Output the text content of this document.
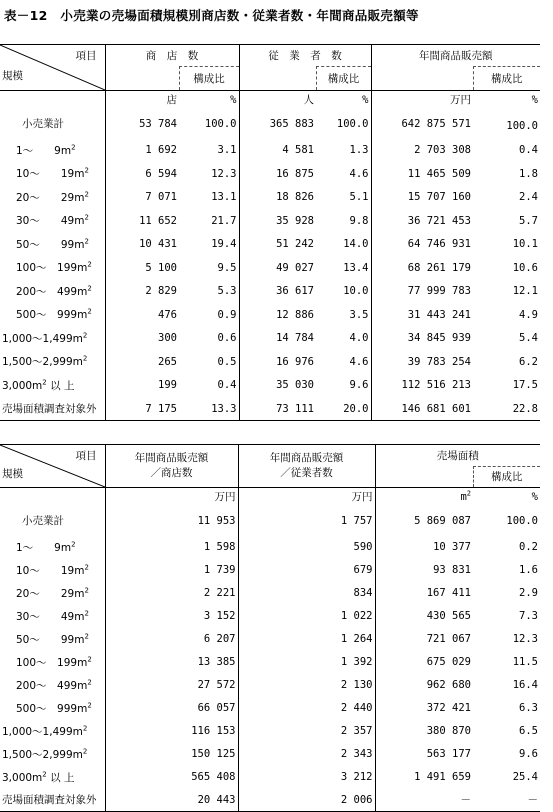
表－12　小売業の売場面積規模別商店数・従業者数・年間商品販売額等
項目
規模	商　店　数		従　業　者　数		年間商品販売額	
		構成比		構成比		構成比
	店	%	人	%	万円	%
小売業計	53 784	100.0	365 883	100.0	642 875 571	100.0
1～　　$9m^2$	1 692	3.1	4 581	1.3	2 703 308	0.4
10～　　$19m^2$	6 594	12.3	16 875	4.6	11 465 509	1.8
20～　　$29m^2$	7 071	13.1	18 826	5.1	15 707 160	2.4
30～　　$49m^2$	11 652	21.7	35 928	9.8	36 721 453	5.7
50～　　$99m^2$	10 431	19.4	51 242	14.0	64 746 931	10.1
100～　$199m^2$	5 100	9.5	49 027	13.4	68 261 179	10.6
200～　$499m^2$	2 829	5.3	36 617	10.0	77 999 783	12.1
500～　$999m^2$	476	0.9	12 886	3.5	31 443 241	4.9
$1,000\sim 1,499m^2$	300	0.6	14 784	4.0	34 845 939	5.4
$1,500\sim 2,999m^2$	265	0.5	16 976	4.6	39 783 254	6.2
$3,000m^2$ 以 上	199	0.4	35 030	9.6	112 516 213	17.5
売場面積調査対象外	7 175	13.3	73 111	20.0	146 681 601	22.8
項目
規模	年間商品販売額
／商店数	年間商品販売額
／従業者数	売場面積	
				構成比
	万円	万円	$m^2$	%
小売業計	11 953	1 757	5 869 087	100.0
1～　　$9m^2$	1 598	590	10 377	0.2
10～　　$19m^2$	1 739	679	93 831	1.6
20～　　$29m^2$	2 221	834	167 411	2.9
30～　　$49m^2$	3 152	1 022	430 565	7.3
50～　　$99m^2$	6 207	1 264	721 067	12.3
100～　$199m^2$	13 385	1 392	675 029	11.5
200～　$499m^2$	27 572	2 130	962 680	16.4
500～　$999m^2$	66 057	2 440	372 421	6.3
$1,000\sim 1,499m^2$	116 153	2 357	380 870	6.5
$1,500\sim 2,999m^2$	150 125	2 343	563 177	9.6
$3,000m^2$ 以 上	565 408	3 212	1 491 659	25.4
売場面積調査対象外	20 443	2 006	－	－
